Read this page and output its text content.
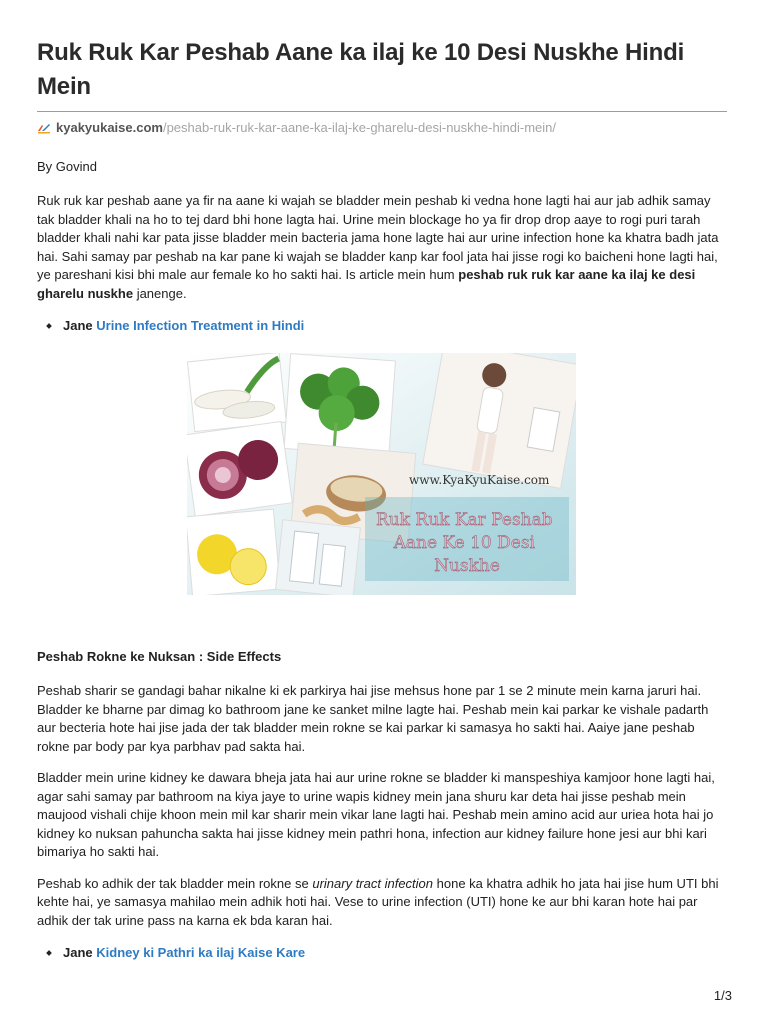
Ruk Ruk Kar Peshab Aane ka ilaj ke 10 Desi Nuskhe Hindi Mein
kyakyukaise.com /peshab-ruk-ruk-kar-aane-ka-ilaj-ke-gharelu-desi-nuskhe-hindi-mein/
By Govind

Ruk ruk kar peshab aane ya fir na aane ki wajah se bladder mein peshab ki vedna hone lagti hai aur jab adhik samay tak bladder khali na ho to tej dard bhi hone lagta hai. Urine mein blockage ho ya fir drop drop aaye to rogi puri tarah bladder khali nahi kar pata jisse bladder mein bacteria jama hone lagte hai aur urine infection hone ka khatra badh jata hai. Sahi samay par peshab na kar pane ki wajah se bladder kanp kar fool jata hai jisse rogi ko baicheni hone lagti hai, ye pareshani kisi bhi male aur female ko ho sakti hai. Is article mein hum peshab ruk ruk kar aane ka ilaj ke desi gharelu nuskhe janenge.

Jane Urine Infection Treatment in Hindi
www.KyaKyuKaise.com
Ruk Ruk Kar Peshab Aane Ke 10 Desi Nuskhe
Peshab Rokne ke Nuksan : Side Effects

Peshab sharir se gandagi bahar nikalne ki ek parkirya hai jise mehsus hone par 1 se 2 minute mein karna jaruri hai. Bladder ke bharne par dimag ko bathroom jane ke sanket milne lagte hai. Peshab mein kai parkar ke vishale padarth aur becteria hote hai jise jada der tak bladder mein rokne se kai parkar ki samasya ho sakti hai. Aaiye jane peshab rokne par body par kya parbhav pad sakta hai.

Bladder mein urine kidney ke dawara bheja jata hai aur urine rokne se bladder ki manspeshiya kamjoor hone lagti hai, agar sahi samay par bathroom na kiya jaye to urine wapis kidney mein jana shuru kar deta hai jisse peshab mein maujood vishali chije khoon mein mil kar sharir mein vikar lane lagti hai. Peshab mein amino acid aur uriea hota hai jo kidney ko nuksan pahuncha sakta hai jisse kidney mein pathri hona, infection aur kidney failure hone jesi aur bhi kari bimariya ho sakti hai.

Peshab ko adhik der tak bladder mein rokne se urinary tract infection hone ka khatra adhik ho jata hai jise hum UTI bhi kehte hai, ye samasya mahilao mein adhik hoti hai. Vese to urine infection (UTI) hone ke aur bhi karan hote hai par adhik der tak urine pass na karna ek bda karan hai.

Jane Kidney ki Pathri ka ilaj Kaise Kare
1/3
